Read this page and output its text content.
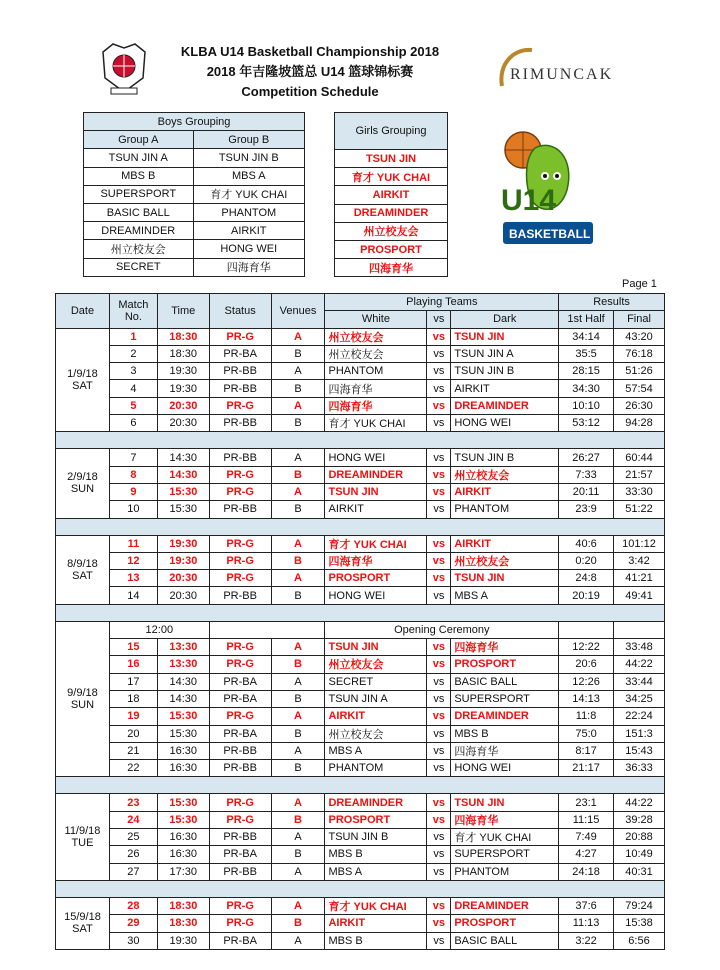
KLBA U14 Basketball Championship 2018
2018 年吉隆坡篮总 U14 篮球锦标赛
Competition Schedule
RIMUNCAK
U14
BASKETBALL
Boys Grouping	
Group A	Group B
TSUN JIN A	TSUN JIN B
MBS B	MBS A
SUPERSPORT	育才 YUK CHAI
BASIC BALL	PHANTOM
DREAMINDER	AIRKIT
州立校友会	HONG WEI
SECRET	四海育华
Girls Grouping
TSUN JIN
育才 YUK CHAI
AIRKIT
DREAMINDER
州立校友会
PROSPORT
四海育华
Page 1
Date	Match No.	Time	Status	Venues	Playing Teams			Results	
					White	vs	Dark	1st Half	Final

1/9/18
SAT	1	18:30	PR-G	A	州立校友会	vs	TSUN JIN	34:14	43:20
	2	18:30	PR-BA	B	州立校友会	vs	TSUN JIN A	35:5	76:18
	3	19:30	PR-BB	A	PHANTOM	vs	TSUN JIN B	28:15	51:26
	4	19:30	PR-BB	B	四海育华	vs	AIRKIT	34:30	57:54
	5	20:30	PR-G	A	四海育华	vs	DREAMINDER	10:10	26:30
	6	20:30	PR-BB	B	育才 YUK CHAI	vs	HONG WEI	53:12	94:28

2/9/18
SUN	7	14:30	PR-BB	A	HONG WEI	vs	TSUN JIN B	26:27	60:44
	8	14:30	PR-G	B	DREAMINDER	vs	州立校友会	7:33	21:57
	9	15:30	PR-G	A	TSUN JIN	vs	AIRKIT	20:11	33:30
	10	15:30	PR-BB	B	AIRKIT	vs	PHANTOM	23:9	51:22

8/9/18
SAT	11	19:30	PR-G	A	育才 YUK CHAI	vs	AIRKIT	40:6	101:12
	12	19:30	PR-G	B	四海育华	vs	州立校友会	0:20	3:42
	13	20:30	PR-G	A	PROSPORT	vs	TSUN JIN	24:8	41:21
	14	20:30	PR-BB	B	HONG WEI	vs	MBS A	20:19	49:41

9/9/18
SUN	12:00				Opening Ceremony				
	15	13:30	PR-G	A	TSUN JIN	vs	四海育华	12:22	33:48
	16	13:30	PR-G	B	州立校友会	vs	PROSPORT	20:6	44:22
	17	14:30	PR-BA	A	SECRET	vs	BASIC BALL	12:26	33:44
	18	14:30	PR-BA	B	TSUN JIN A	vs	SUPERSPORT	14:13	34:25
	19	15:30	PR-G	A	AIRKIT	vs	DREAMINDER	11:8	22:24
	20	15:30	PR-BA	B	州立校友会	vs	MBS B	75:0	151:3
	21	16:30	PR-BB	A	MBS A	vs	四海育华	8:17	15:43
	22	16:30	PR-BB	B	PHANTOM	vs	HONG WEI	21:17	36:33

11/9/18
TUE	23	15:30	PR-G	A	DREAMINDER	vs	TSUN JIN	23:1	44:22
	24	15:30	PR-G	B	PROSPORT	vs	四海育华	11:15	39:28
	25	16:30	PR-BB	A	TSUN JIN B	vs	育才 YUK CHAI	7:49	20:88
	26	16:30	PR-BA	B	MBS B	vs	SUPERSPORT	4:27	10:49
	27	17:30	PR-BB	A	MBS A	vs	PHANTOM	24:18	40:31

15/9/18
SAT	28	18:30	PR-G	A	育才 YUK CHAI	vs	DREAMINDER	37:6	79:24
	29	18:30	PR-G	B	AIRKIT	vs	PROSPORT	11:13	15:38
	30	19:30	PR-BA	A	MBS B	vs	BASIC BALL	3:22	6:56
